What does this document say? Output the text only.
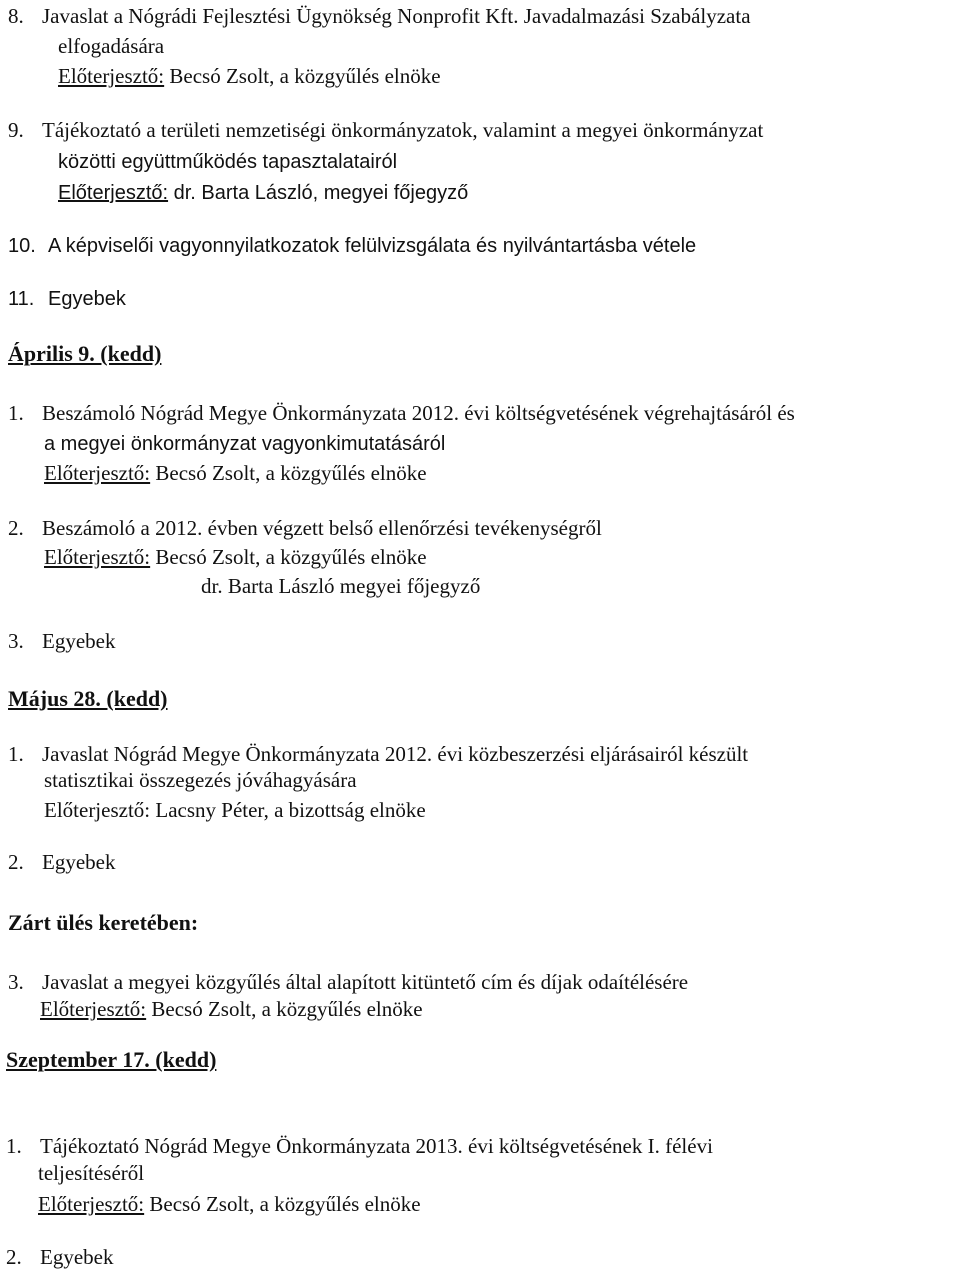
8. Javaslat a Nógrádi Fejlesztési Ügynökség Nonprofit Kft. Javadalmazási Szabályzata
elfogadására
Előterjesztő: Becsó Zsolt, a közgyűlés elnöke
9. Tájékoztató a területi nemzetiségi önkormányzatok, valamint a megyei önkormányzat
közötti együttműködés tapasztalatairól
Előterjesztő: dr. Barta László, megyei főjegyző
10. A képviselői vagyonnyilatkozatok felülvizsgálata és nyilvántartásba vétele
11. Egyebek
Április 9. (kedd)
1. Beszámoló Nógrád Megye Önkormányzata 2012. évi költségvetésének végrehajtásáról és
a megyei önkormányzat vagyonkimutatásáról
Előterjesztő: Becsó Zsolt, a közgyűlés elnöke
2. Beszámoló a 2012. évben végzett belső ellenőrzési tevékenységről
Előterjesztő: Becsó Zsolt, a közgyűlés elnöke
dr. Barta László megyei főjegyző
3. Egyebek
Május 28. (kedd)
1. Javaslat Nógrád Megye Önkormányzata 2012. évi közbeszerzési eljárásairól készült
statisztikai összegezés jóváhagyására
Előterjesztő: Lacsny Péter, a bizottság elnöke
2. Egyebek
Zárt ülés keretében:
3. Javaslat a megyei közgyűlés által alapított kitüntető cím és díjak odaítélésére
Előterjesztő: Becsó Zsolt, a közgyűlés elnöke
Szeptember 17. (kedd)
1. Tájékoztató Nógrád Megye Önkormányzata 2013. évi költségvetésének I. félévi
teljesítéséről
Előterjesztő: Becsó Zsolt, a közgyűlés elnöke
2. Egyebek
